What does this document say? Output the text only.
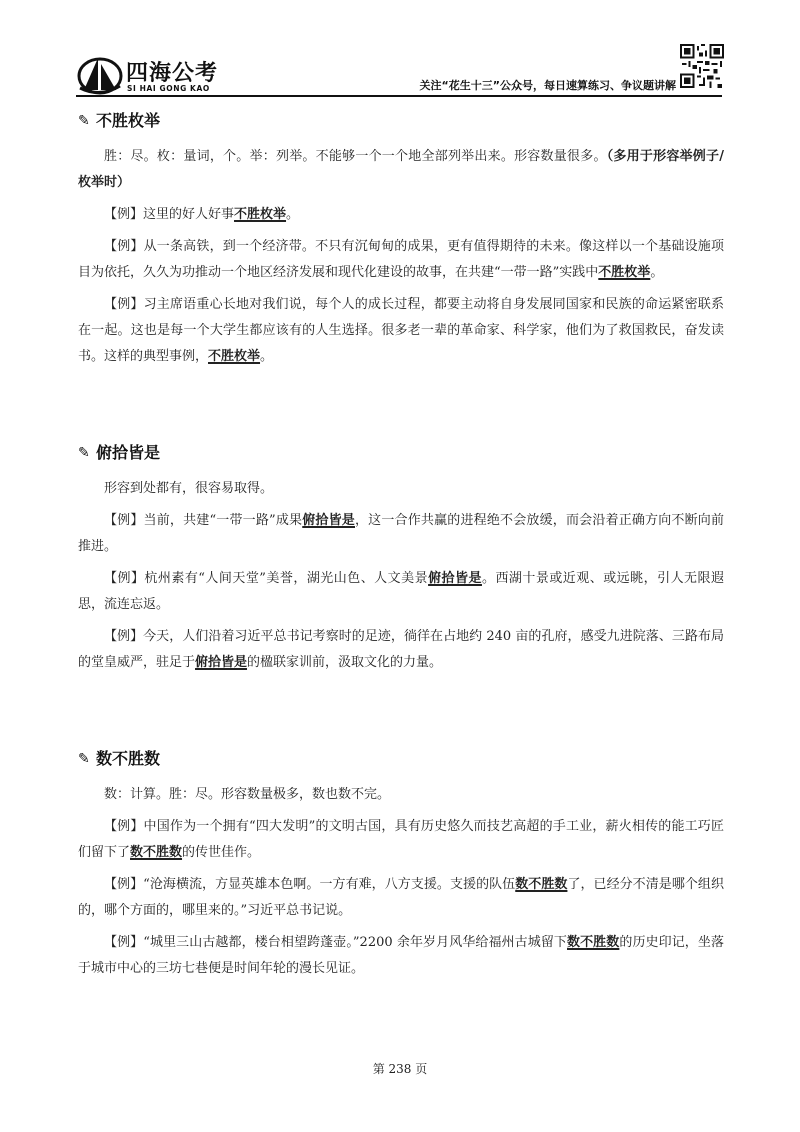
四海公考
SI HAI GONG KAO	关注“花生十三”公众号，每日速算练习、争议题讲解
✎ 不胜枚举

胜：尽。枚：量词，个。举：列举。不能够一个一个地全部列举出来。形容数量很多。（多用于形容举例子/枚举时）

【例】这里的好人好事不胜枚举。

【例】从一条高铁，到一个经济带。不只有沉甸甸的成果，更有值得期待的未来。像这样以一个基础设施项目为依托，久久为功推动一个地区经济发展和现代化建设的故事，在共建“一带一路”实践中不胜枚举。

【例】习主席语重心长地对我们说，每个人的成长过程，都要主动将自身发展同国家和民族的命运紧密联系在一起。这也是每一个大学生都应该有的人生选择。很多老一辈的革命家、科学家，他们为了救国救民，奋发读书。这样的典型事例，不胜枚举。

✎ 俯拾皆是

形容到处都有，很容易取得。

【例】当前，共建“一带一路”成果俯拾皆是，这一合作共赢的进程绝不会放缓，而会沿着正确方向不断向前推进。

【例】杭州素有“人间天堂”美誉，湖光山色、人文美景俯拾皆是。西湖十景或近观、或远眺，引人无限遐思，流连忘返。

【例】今天，人们沿着习近平总书记考察时的足迹，徜徉在占地约 240 亩的孔府，感受九进院落、三路布局的堂皇威严，驻足于俯拾皆是的楹联家训前，汲取文化的力量。

✎ 数不胜数

数：计算。胜：尽。形容数量极多，数也数不完。

【例】中国作为一个拥有“四大发明”的文明古国，具有历史悠久而技艺高超的手工业，薪火相传的能工巧匠们留下了数不胜数的传世佳作。

【例】“沧海横流，方显英雄本色啊。一方有难，八方支援。支援的队伍数不胜数了，已经分不清是哪个组织的，哪个方面的，哪里来的。”习近平总书记说。

【例】“城里三山古越都，楼台相望跨蓬壶。”2200 余年岁月风华给福州古城留下数不胜数的历史印记，坐落于城市中心的三坊七巷便是时间年轮的漫长见证。

第 238 页
